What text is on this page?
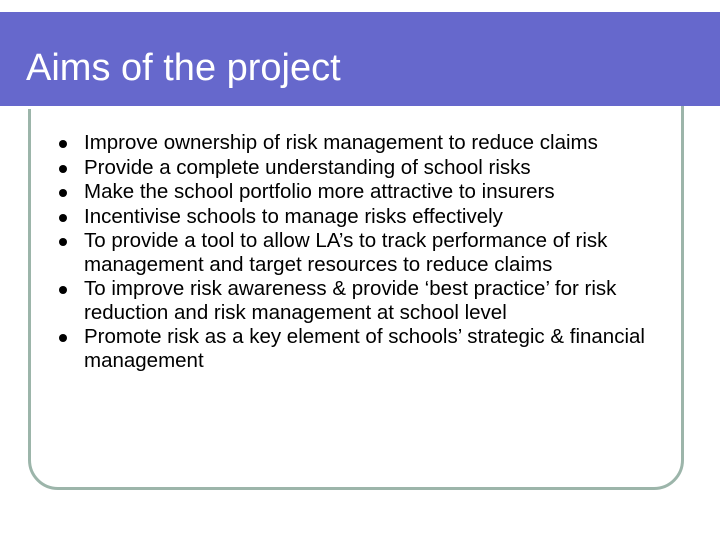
Aims of the project
Improve ownership of risk management to reduce claims
Provide a complete understanding of school risks
Make the school portfolio more attractive to insurers
Incentivise schools to manage risks effectively
To provide a tool to allow LA’s to track performance of risk management and target resources to reduce claims
To improve risk awareness & provide ‘best practice’ for risk reduction and risk management at school level
Promote risk as a key element of schools’ strategic & financial management
